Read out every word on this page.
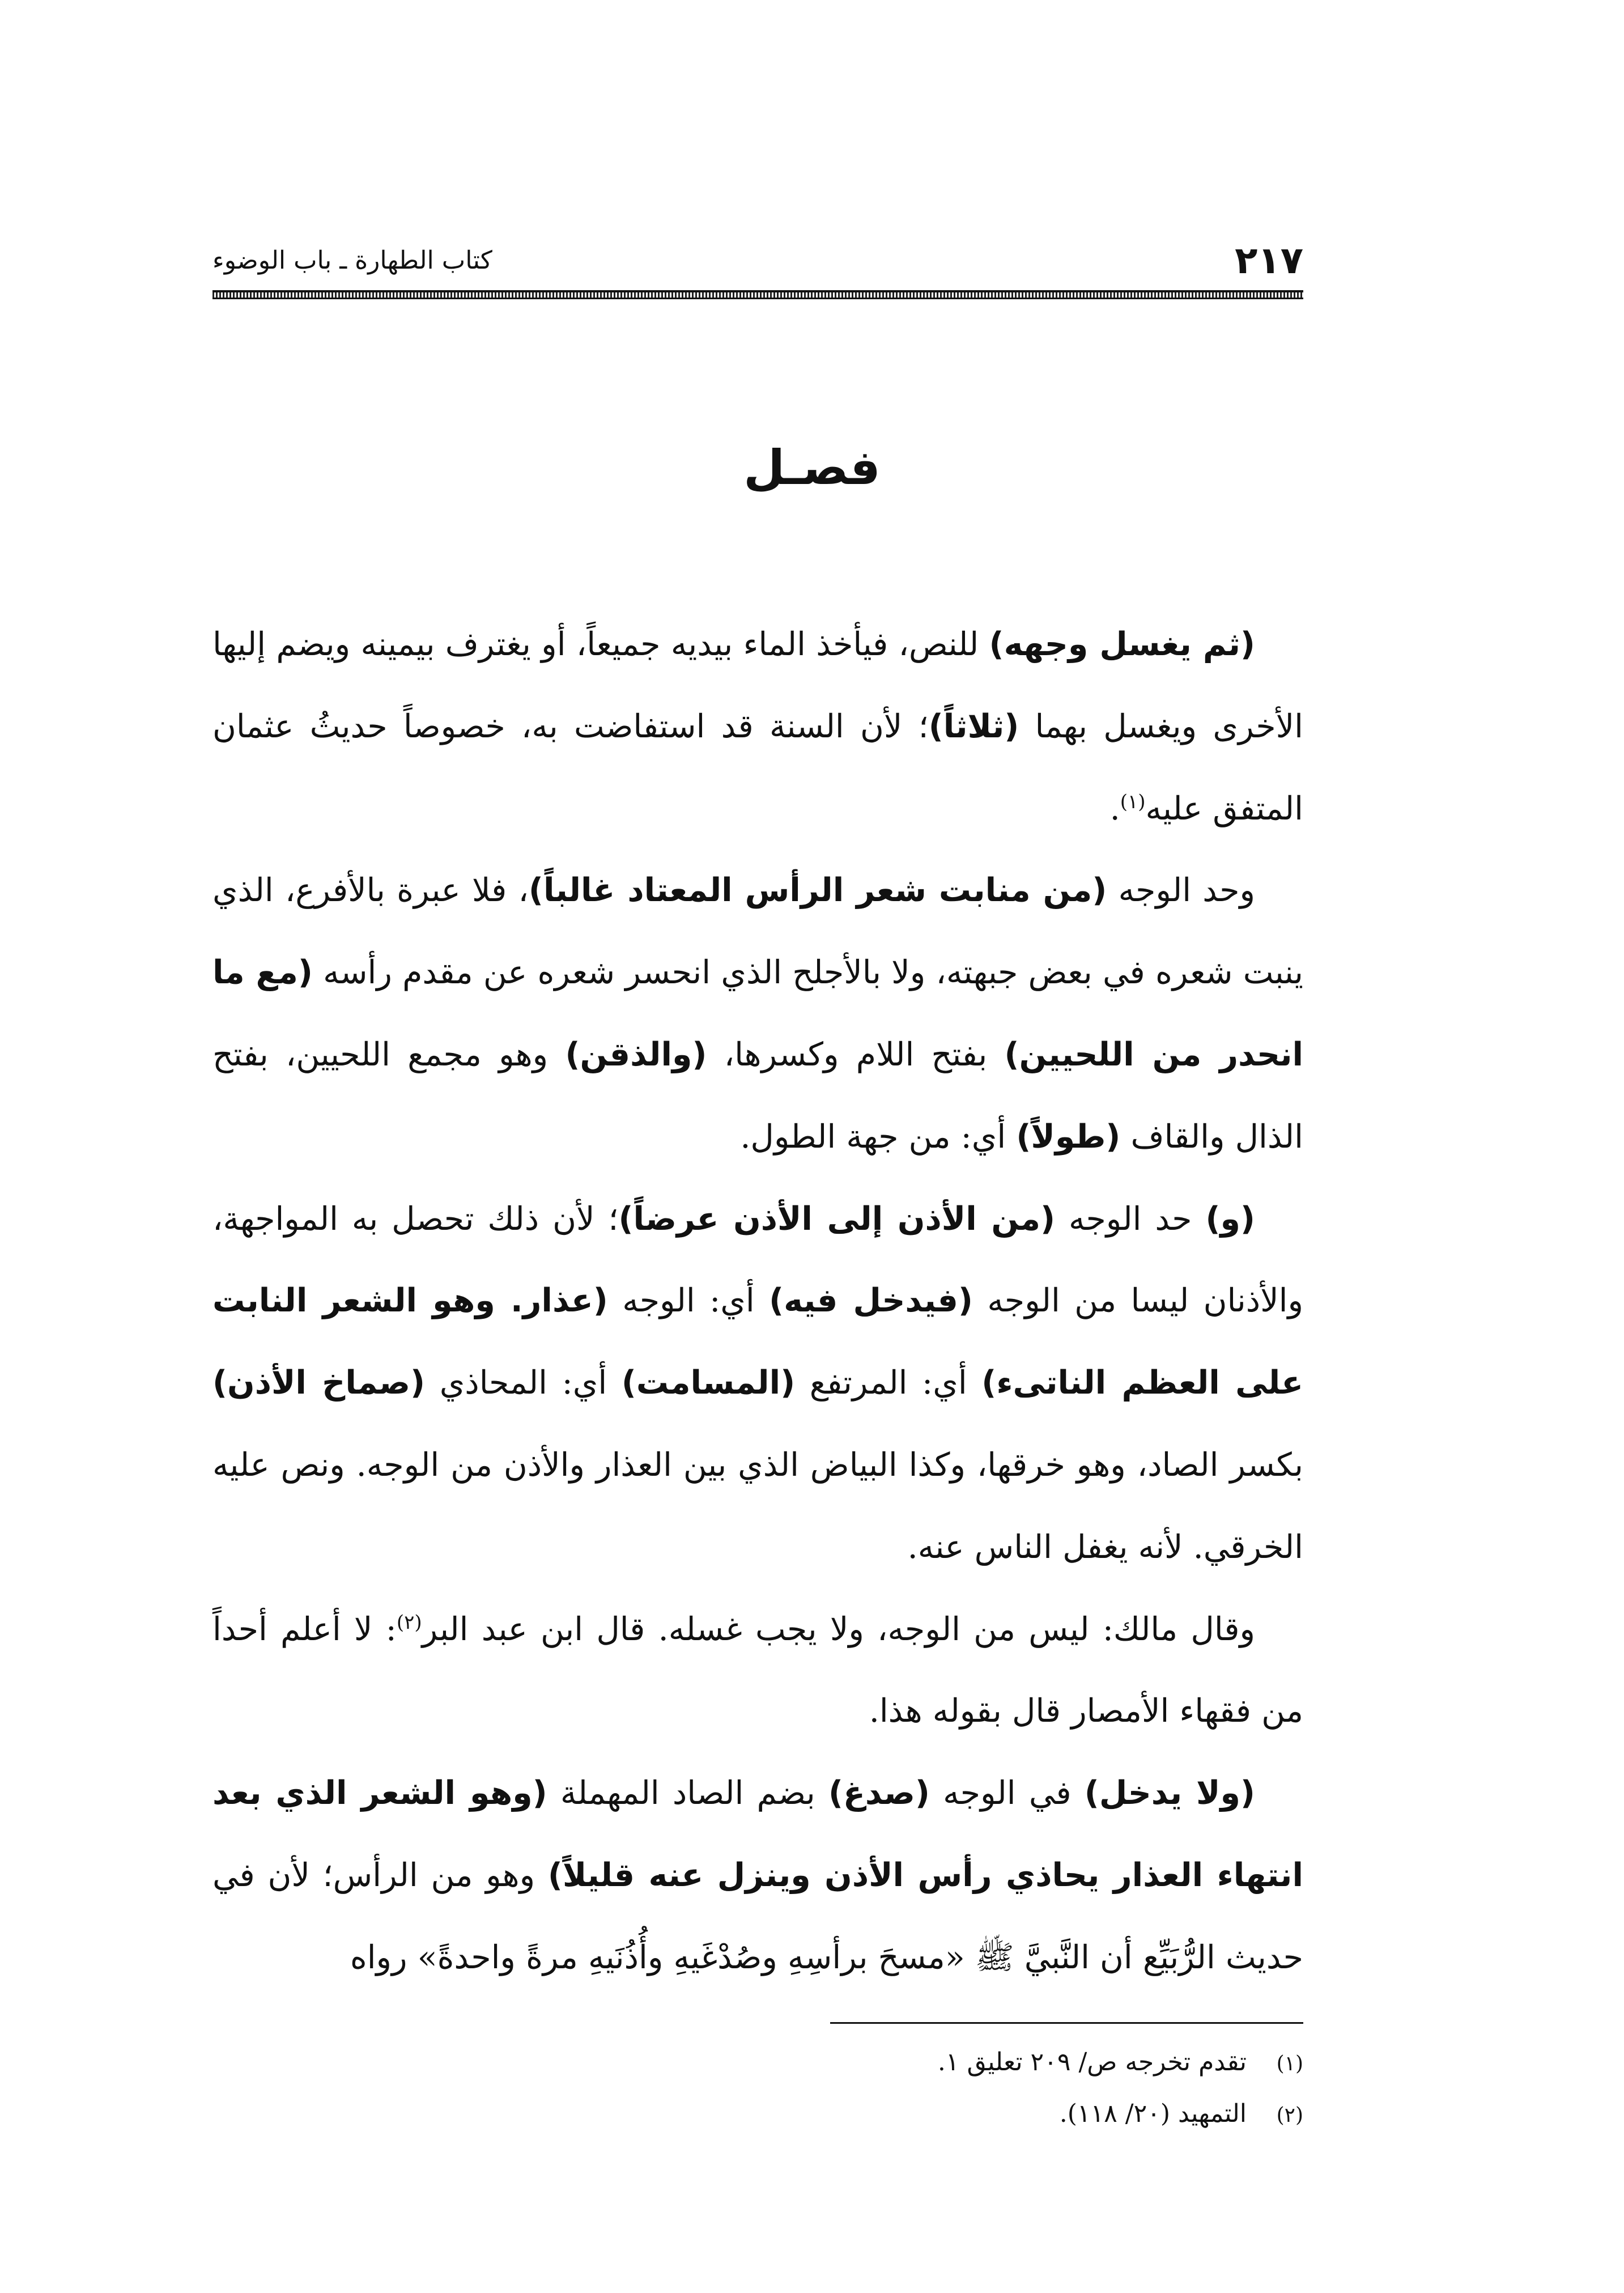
٢١٧
كتاب الطهارة ـ باب الوضوء
فصـل

(ثم يغسل وجهه) للنص، فيأخذ الماء بيديه جميعاً، أو يغترف بيمينه ويضم إليها الأخرى ويغسل بهما (ثلاثاً)؛ لأن السنة قد استفاضت به، خصوصاً حديثُ عثمان المتفق عليه$^{(١)}$.

وحد الوجه (من منابت شعر الرأس المعتاد غالباً)، فلا عبرة بالأفرع، الذي ينبت شعره في بعض جبهته، ولا بالأجلح الذي انحسر شعره عن مقدم رأسه (مع ما انحدر من اللحيين) بفتح اللام وكسرها، (والذقن) وهو مجمع اللحيين، بفتح الذال والقاف (طولاً) أي: من جهة الطول.

(و) حد الوجه (من الأذن إلى الأذن عرضاً)؛ لأن ذلك تحصل به المواجهة، والأذنان ليسا من الوجه (فيدخل فيه) أي: الوجه (عذار. وهو الشعر النابت على العظم الناتىء) أي: المرتفع (المسامت) أي: المحاذي (صماخ الأذن) بكسر الصاد، وهو خرقها، وكذا البياض الذي بين العذار والأذن من الوجه. ونص عليه الخرقي. لأنه يغفل الناس عنه.

وقال مالك: ليس من الوجه، ولا يجب غسله. قال ابن عبد البر$^{(٢)}$: لا أعلم أحداً من فقهاء الأمصار قال بقوله هذا.

(ولا يدخل) في الوجه (صدغ) بضم الصاد المهملة (وهو الشعر الذي بعد انتهاء العذار يحاذي رأس الأذن وينزل عنه قليلاً) وهو من الرأس؛ لأن في حديث الرُّبَيِّع أن النَّبيَّ ﷺ «مسحَ برأسِهِ وصُدْغَيهِ وأُذُنَيهِ مرةً واحدةً» رواه

(١)تقدم تخرجه ص/ ٢٠٩ تعليق ١.
(٢)التمهيد (٢٠/ ١١٨).
